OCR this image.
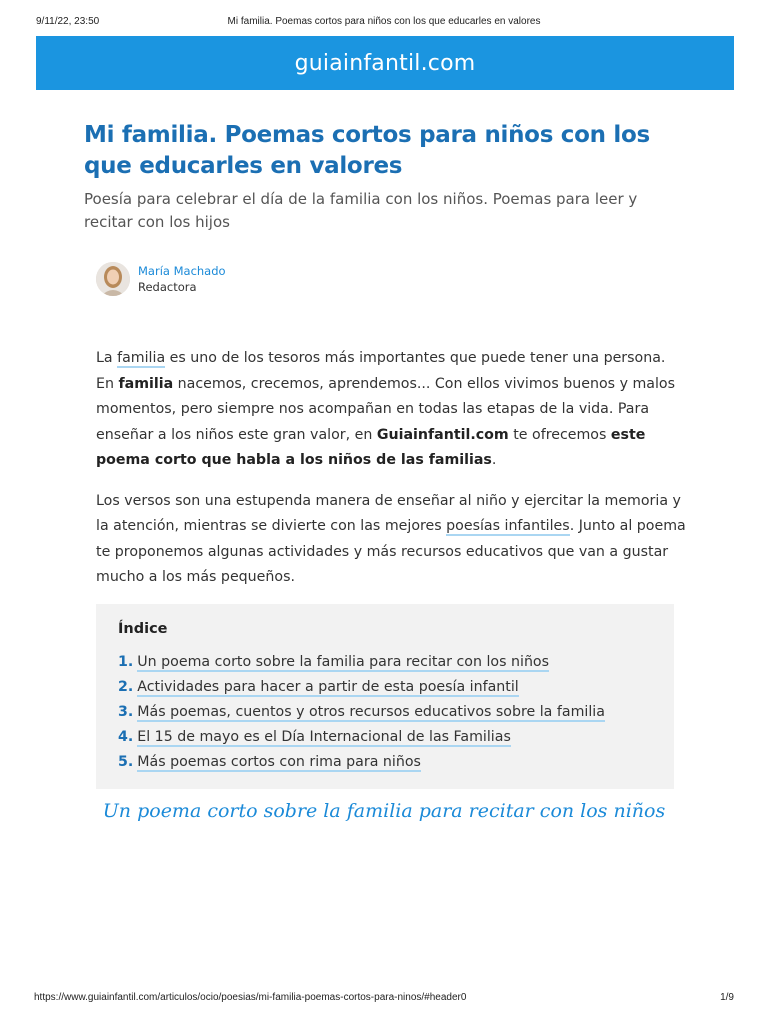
9/11/22, 23:50	Mi familia. Poemas cortos para niños con los que educarles en valores
guiainfantil.com
Mi familia. Poemas cortos para niños con los que educarles en valores

Poesía para celebrar el día de la familia con los niños. Poemas para leer y recitar con los hijos

María Machado
Redactora

La familia es uno de los tesoros más importantes que puede tener una persona. En familia nacemos, crecemos, aprendemos... Con ellos vivimos buenos y malos momentos, pero siempre nos acompañan en todas las etapas de la vida. Para enseñar a los niños este gran valor, en Guiainfantil.com te ofrecemos este poema corto que habla a los niños de las familias.

Los versos son una estupenda manera de enseñar al niño y ejercitar la memoria y la atención, mientras se divierte con las mejores poesías infantiles. Junto al poema te proponemos algunas actividades y más recursos educativos que van a gustar mucho a los más pequeños.

Índice
1. Un poema corto sobre la familia para recitar con los niños
2. Actividades para hacer a partir de esta poesía infantil
3. Más poemas, cuentos y otros recursos educativos sobre la familia
4. El 15 de mayo es el Día Internacional de las Familias
5. Más poemas cortos con rima para niños
Un poema corto sobre la familia para recitar con los niños
https://www.guiainfantil.com/articulos/ocio/poesias/mi-familia-poemas-cortos-para-ninos/#header0	1/9
